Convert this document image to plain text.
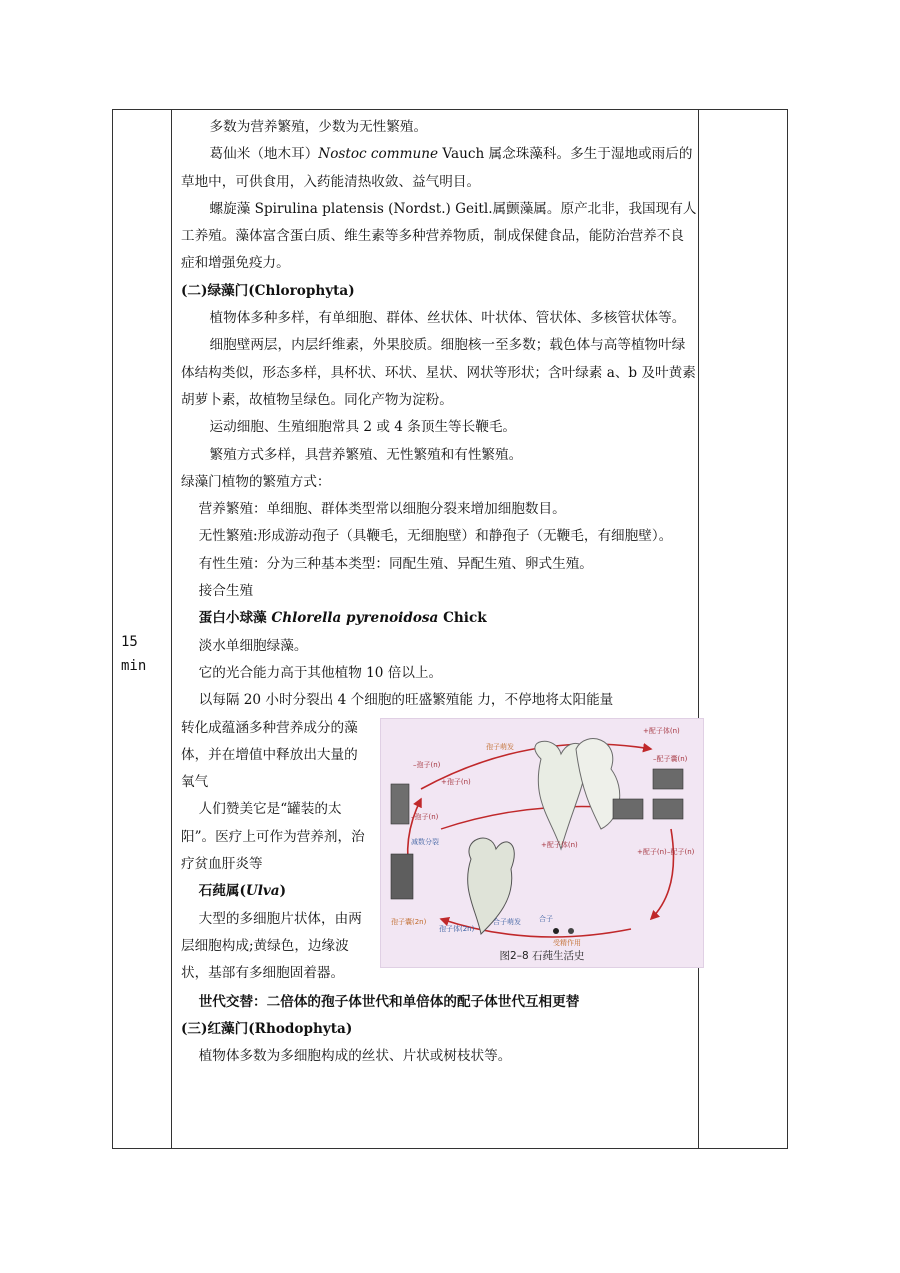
15
min

多数为营养繁殖，少数为无性繁殖。

葛仙米（地木耳）Nostoc commune Vauch 属念珠藻科。多生于湿地或雨后的草地中，可供食用，入药能清热收敛、益气明目。

螺旋藻 Spirulina platensis (Nordst.) Geitl.属颤藻属。原产北非，我国现有人工养殖。藻体富含蛋白质、维生素等多种营养物质，制成保健食品，能防治营养不良症和增强免疫力。

(二)绿藻门(Chlorophyta)

植物体多种多样，有单细胞、群体、丝状体、叶状体、管状体、多核管状体等。

细胞壁两层，内层纤维素，外果胶质。细胞核一至多数；载色体与高等植物叶绿体结构类似，形态多样，具杯状、环状、星状、网状等形状；含叶绿素 a、b 及叶黄素胡萝卜素，故植物呈绿色。同化产物为淀粉。

运动细胞、生殖细胞常具 2 或 4 条顶生等长鞭毛。

繁殖方式多样，具营养繁殖、无性繁殖和有性繁殖。

绿藻门植物的繁殖方式：

营养繁殖：单细胞、群体类型常以细胞分裂来增加细胞数目。

无性繁殖:形成游动孢子（具鞭毛，无细胞壁）和静孢子（无鞭毛，有细胞壁）。

有性生殖：分为三种基本类型：同配生殖、异配生殖、卵式生殖。

接合生殖

蛋白小球藻 Chlorella pyrenoidosa Chick

淡水单细胞绿藻。

它的光合能力高于其他植物 10 倍以上。

以每隔 20 小时分裂出 4 个细胞的旺盛繁殖能 力，不停地将太阳能量

转化成蕴涵多种营养成分的藻体，并在增值中释放出大量的氧气

人们赞美它是“罐装的太阳”。医疗上可作为营养剂，治疗贫血肝炎等

石莼属(Ulva)

大型的多细胞片状体，由两层细胞构成;黄绿色，边缘波状，基部有多细胞固着器。

+配子体(n)
–配子囊(n)
孢子萌发
–孢子(n)
+孢子(n)
–孢子(n)
减数分裂	+配子体(n)
+配子(n) –配子(n)
孢子囊(2n)
孢子体(2n)
合子萌发	合子
受精作用
图2–8 石莼生活史

世代交替：二倍体的孢子体世代和单倍体的配子体世代互相更替

(三)红藻门(Rhodophyta)

植物体多数为多细胞构成的丝状、片状或树枝状等。
